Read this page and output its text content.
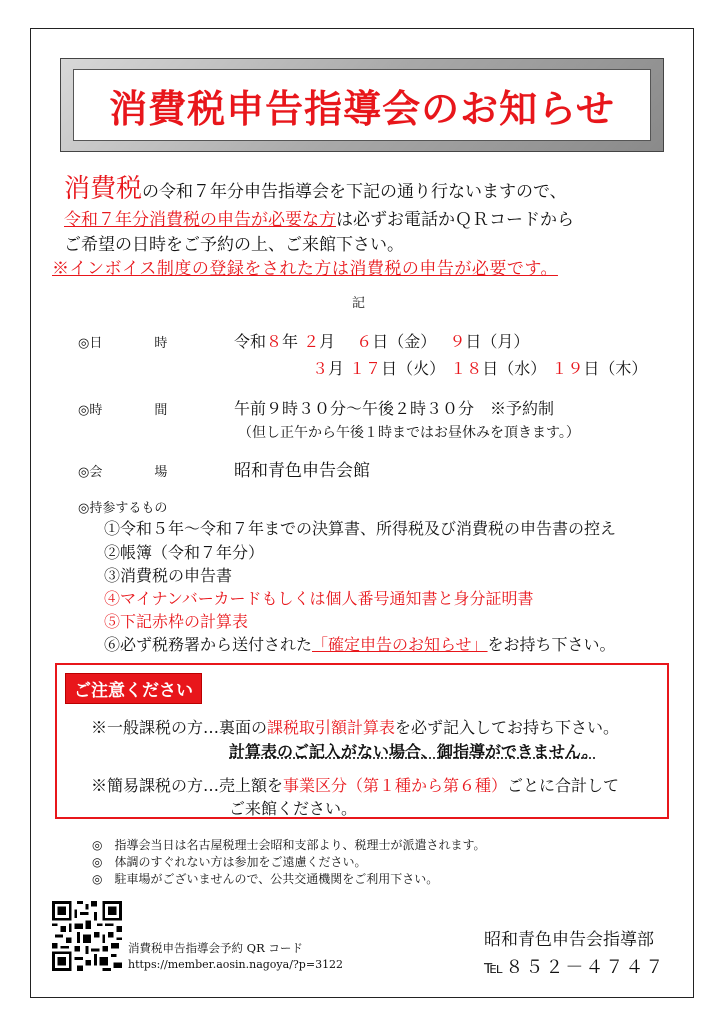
消費税申告指導会のお知らせ
消費税の令和７年分申告指導会を下記の通り行ないますので、
令和７年分消費税の申告が必要な方は必ずお電話かＱＲコードから
ご希望の日時をご予約の上、ご来館下さい。
※インボイス制度の登録をされた方は消費税の申告が必要です。
記
◎日　　　　時	令和８年 ２月　 ６日（金）　 ９日（月）
３月 １７日（火） １８日（水） １９日（木）
◎時　　　　間	午前９時３０分～午後２時３０分　※予約制
（但し正午から午後１時まではお昼休みを頂きます。）
◎会　　　　場	昭和青色申告会館
◎持参するもの
①令和５年～令和７年までの決算書、所得税及び消費税の申告書の控え
②帳簿（令和７年分）
③消費税の申告書
④マイナンバーカードもしくは個人番号通知書と身分証明書
⑤下記赤枠の計算表
⑥必ず税務署から送付された「確定申告のお知らせ」をお持ち下さい。
ご注意ください
※一般課税の方…裏面の課税取引額計算表を必ず記入してお持ち下さい。
計算表のご記入がない場合、御指導ができません。
※簡易課税の方…売上額を事業区分（第１種から第６種）ごとに合計して
ご来館ください。
◎　指導会当日は名古屋税理士会昭和支部より、税理士が派遣されます。
◎　体調のすぐれない方は参加をご遠慮ください。
◎　駐車場がございませんので、公共交通機関をご利用下さい。
消費税申告指導会予約 QR コード
https://member.aosin.nagoya/?p=3122
昭和青色申告会指導部
℡８５２－４７４７
